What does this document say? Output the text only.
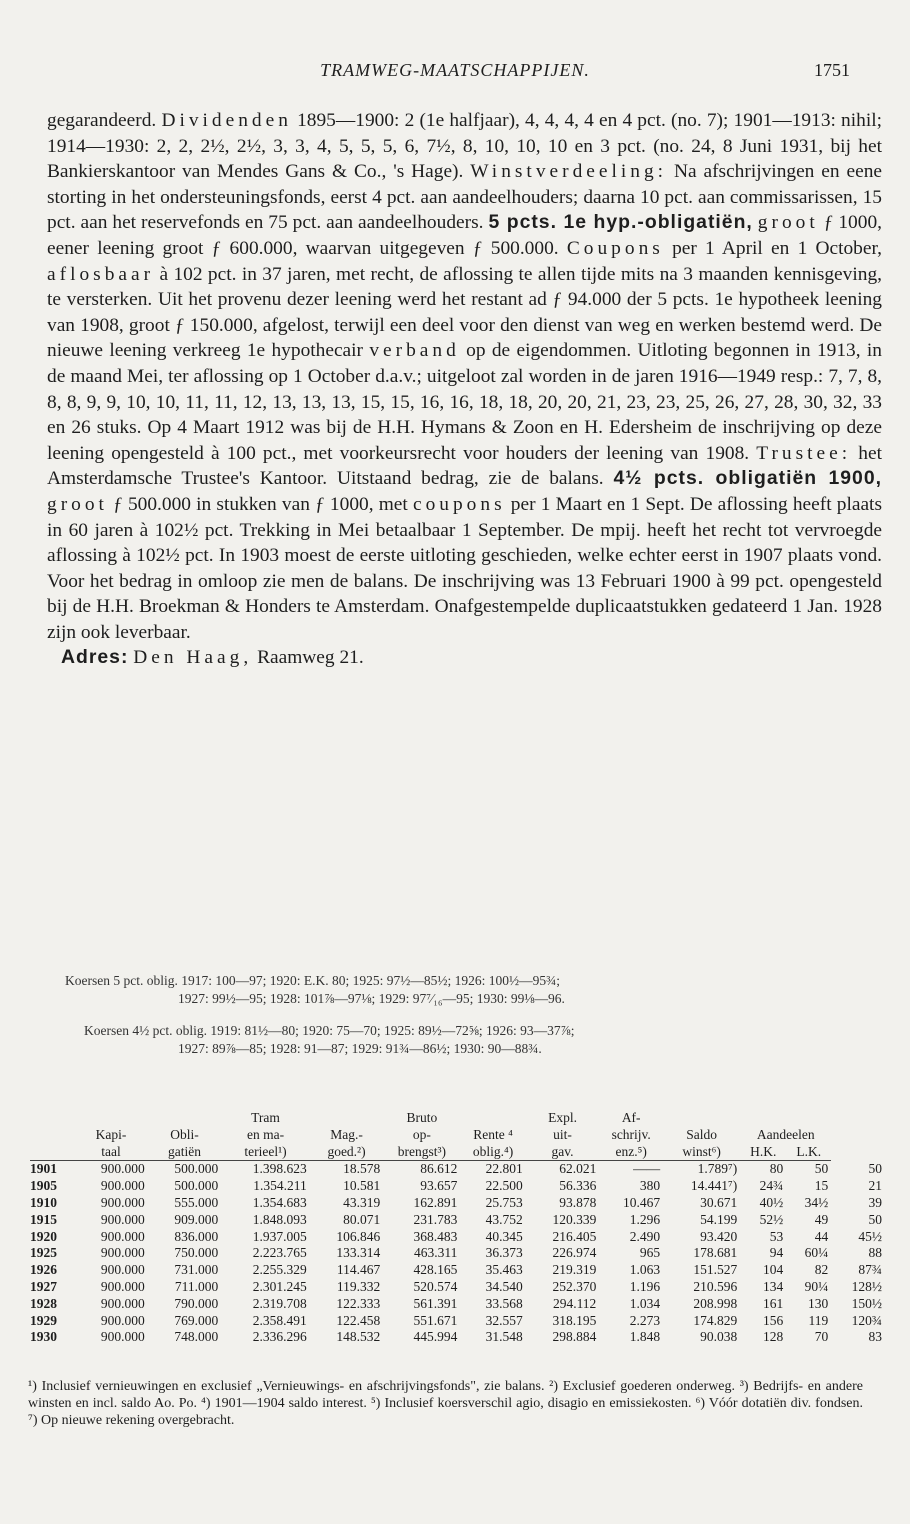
TRAMWEG-MAATSCHAPPIJEN.	1751

gegarandeerd. Dividenden 1895—1900: 2 (1e halfjaar), 4, 4, 4, 4 en 4 pct. (no. 7); 1901—1913: nihil; 1914—1930: 2, 2, 2½, 2½, 3, 3, 4, 5, 5, 5, 6, 7½, 8, 10, 10, 10 en 3 pct. (no. 24, 8 Juni 1931, bij het Bankierskantoor van Mendes Gans & Co., 's Hage). Winstverdeeling: Na afschrijvingen en eene storting in het ondersteuningsfonds, eerst 4 pct. aan aandeelhouders; daarna 10 pct. aan commissarissen, 15 pct. aan het reservefonds en 75 pct. aan aandeelhouders. 5 pcts. 1e hyp.-obligatiën, groot ƒ 1000, eener leening groot ƒ 600.000, waarvan uitgegeven ƒ 500.000. Coupons per 1 April en 1 October, aflosbaar à 102 pct. in 37 jaren, met recht, de aflossing te allen tijde mits na 3 maanden kennisgeving, te versterken. Uit het provenu dezer leening werd het restant ad ƒ 94.000 der 5 pcts. 1e hypotheek leening van 1908, groot ƒ 150.000, afgelost, terwijl een deel voor den dienst van weg en werken bestemd werd. De nieuwe leening verkreeg 1e hypothecair verband op de eigendommen. Uitloting begonnen in 1913, in de maand Mei, ter aflossing op 1 October d.a.v.; uitgeloot zal worden in de jaren 1916—1949 resp.: 7, 7, 8, 8, 8, 9, 9, 10, 10, 11, 11, 12, 13, 13, 13, 15, 15, 16, 16, 18, 18, 20, 20, 21, 23, 23, 25, 26, 27, 28, 30, 32, 33 en 26 stuks. Op 4 Maart 1912 was bij de H.H. Hymans & Zoon en H. Edersheim de inschrijving op deze leening opengesteld à 100 pct., met voorkeursrecht voor houders der leening van 1908. Trustee: het Amsterdamsche Trustee's Kantoor. Uitstaand bedrag, zie de balans. 4½ pcts. obligatiën 1900, groot ƒ 500.000 in stukken van ƒ 1000, met coupons per 1 Maart en 1 Sept. De aflossing heeft plaats in 60 jaren à 102½ pct. Trekking in Mei betaalbaar 1 September. De mpij. heeft het recht tot vervroegde aflossing à 102½ pct. In 1903 moest de eerste uitloting geschieden, welke echter eerst in 1907 plaats vond. Voor het bedrag in omloop zie men de balans. De inschrijving was 13 Februari 1900 à 99 pct. opengesteld bij de H.H. Broekman & Honders te Amsterdam. Onafgestempelde duplicaatstukken gedateerd 1 Jan. 1928 zijn ook leverbaar.

Adres: Den Haag, Raamweg 21.

Koersen 5 pct. oblig. 1917: 100—97; 1920: E.K. 80; 1925: 97½—85½; 1926: 100½—95¾;
1927: 99½—95; 1928: 101⅞—97⅛; 1929: 97⁷⁄₁₆—95; 1930: 99⅛—96.
Koersen 4½ pct. oblig. 1919: 81½—80; 1920: 75—70; 1925: 89½—72⅝; 1926: 93—37⅞;
1927: 89⅞—85; 1928: 91—87; 1929: 91¾—86½; 1930: 90—88¾.
			Tram		Bruto		Expl.	Af-				
	Kapi-	Obli-	en ma-	Mag.-	op-	Rente ⁴	uit-	schrijv.	Saldo	Aandeelen		
	taal	gatiën	terieel¹)	goed.²)	brengst³)	oblig.⁴)	gav.	enz.⁵)	winst⁶)	H.K.	L.K.	
1901	900.000	500.000	1.398.623	18.578	86.612	22.801	62.021	——	1.789⁷)	80	50	50
1905	900.000	500.000	1.354.211	10.581	93.657	22.500	56.336	380	14.441⁷)	24¾	15	21
1910	900.000	555.000	1.354.683	43.319	162.891	25.753	93.878	10.467	30.671	40½	34½	39
1915	900.000	909.000	1.848.093	80.071	231.783	43.752	120.339	1.296	54.199	52½	49	50
1920	900.000	836.000	1.937.005	106.846	368.483	40.345	216.405	2.490	93.420	53	44	45½
1925	900.000	750.000	2.223.765	133.314	463.311	36.373	226.974	965	178.681	94	60¼	88
1926	900.000	731.000	2.255.329	114.467	428.165	35.463	219.319	1.063	151.527	104	82	87¾
1927	900.000	711.000	2.301.245	119.332	520.574	34.540	252.370	1.196	210.596	134	90¼	128½
1928	900.000	790.000	2.319.708	122.333	561.391	33.568	294.112	1.034	208.998	161	130	150½
1929	900.000	769.000	2.358.491	122.458	551.671	32.557	318.195	2.273	174.829	156	119	120¾
1930	900.000	748.000	2.336.296	148.532	445.994	31.548	298.884	1.848	90.038	128	70	83
¹) Inclusief vernieuwingen en exclusief „Vernieuwings- en afschrijvingsfonds", zie balans. ²) Exclusief goederen onderweg. ³) Bedrijfs- en andere winsten en incl. saldo Ao. Po. ⁴) 1901—1904 saldo interest. ⁵) Inclusief koersverschil agio, disagio en emissiekosten. ⁶) Vóór dotatiën div. fondsen. ⁷) Op nieuwe rekening overgebracht.
